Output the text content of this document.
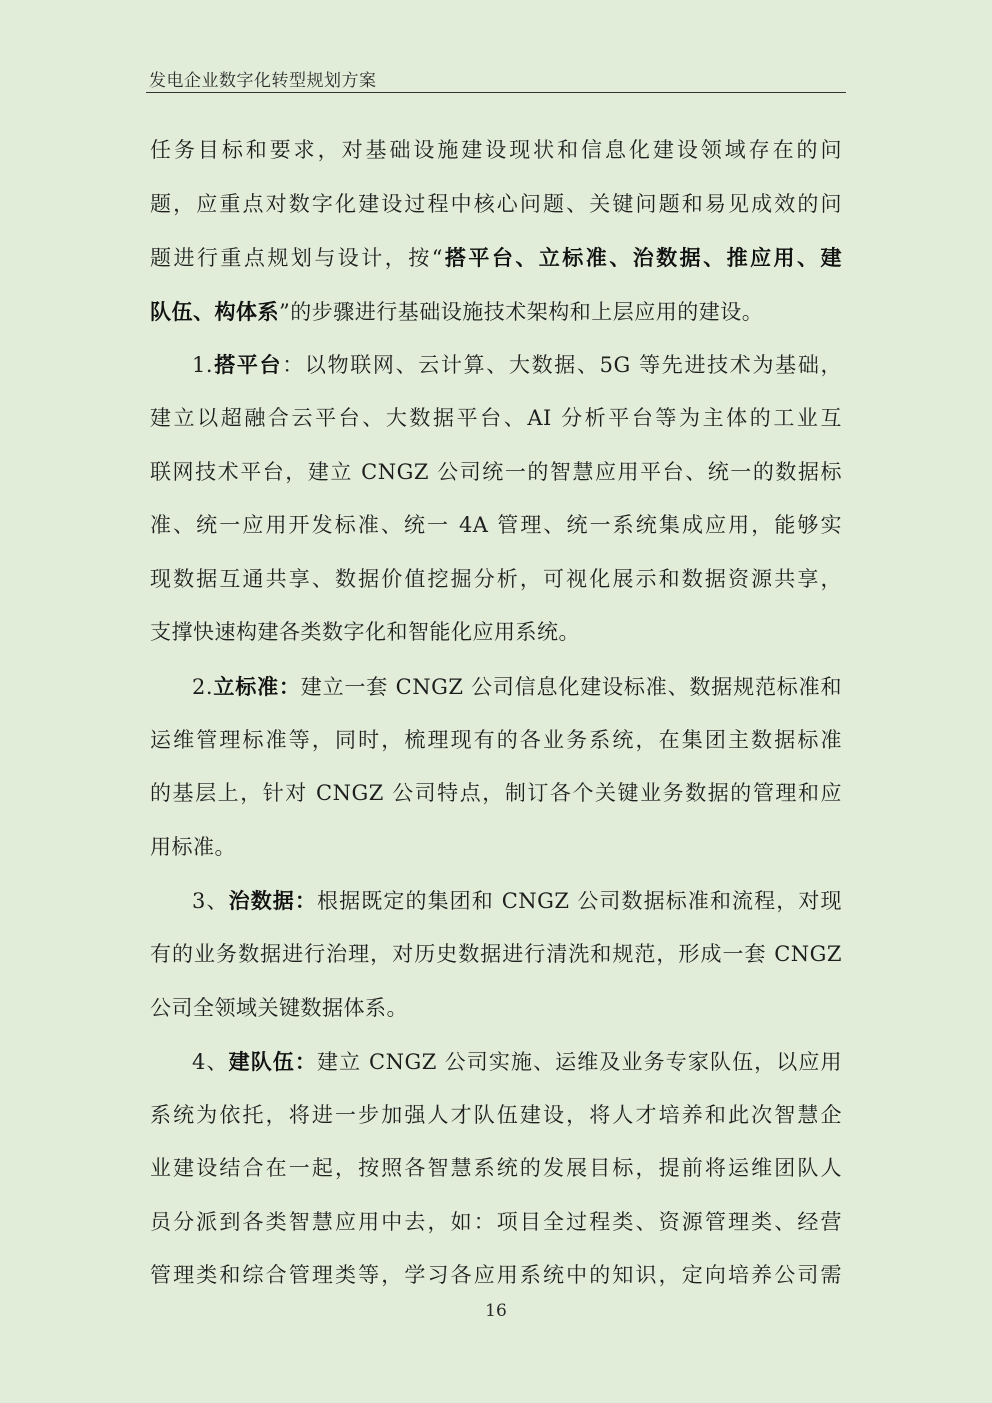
发电企业数字化转型规划方案
任务目标和要求，对基础设施建设现状和信息化建设领域存在的问
题，应重点对数字化建设过程中核心问题、关键问题和易见成效的问
题进行重点规划与设计，按“搭平台、立标准、治数据、推应用、建
队伍、构体系”的步骤进行基础设施技术架构和上层应用的建设。
1.搭平台：以物联网、云计算、大数据、5G 等先进技术为基础，
建立以超融合云平台、大数据平台、AI 分析平台等为主体的工业互
联网技术平台，建立 CNGZ 公司统一的智慧应用平台、统一的数据标
准、统一应用开发标准、统一 4A 管理、统一系统集成应用，能够实
现数据互通共享、数据价值挖掘分析，可视化展示和数据资源共享，
支撑快速构建各类数字化和智能化应用系统。
2.立标准：建立一套 CNGZ 公司信息化建设标准、数据规范标准和
运维管理标准等，同时，梳理现有的各业务系统，在集团主数据标准
的基层上，针对 CNGZ 公司特点，制订各个关键业务数据的管理和应
用标准。
3、治数据：根据既定的集团和 CNGZ 公司数据标准和流程，对现
有的业务数据进行治理，对历史数据进行清洗和规范，形成一套 CNGZ
公司全领域关键数据体系。
4、建队伍：建立 CNGZ 公司实施、运维及业务专家队伍，以应用
系统为依托，将进一步加强人才队伍建设，将人才培养和此次智慧企
业建设结合在一起，按照各智慧系统的发展目标，提前将运维团队人
员分派到各类智慧应用中去，如：项目全过程类、资源管理类、经营
管理类和综合管理类等，学习各应用系统中的知识，定向培养公司需
16
